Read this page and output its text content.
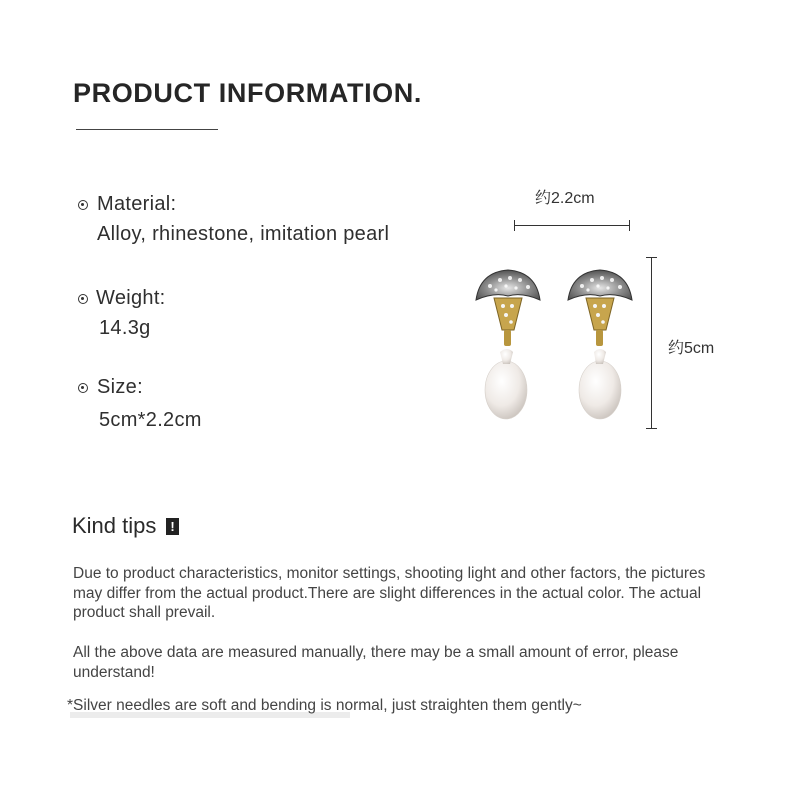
PRODUCT INFORMATION.
Material:
Alloy, rhinestone, imitation pearl
Weight:
14.3g
Size:
5cm*2.2cm
约2.2cm
约5cm
Kind tips	!
Due to product characteristics, monitor settings, shooting light and other factors, the pictures may differ from the actual product.There are slight differences in the actual color. The actual product shall prevail.
All the above data are measured manually, there may be a small amount of error, please understand!
*Silver needles are soft and bending is normal, just straighten them gently~
